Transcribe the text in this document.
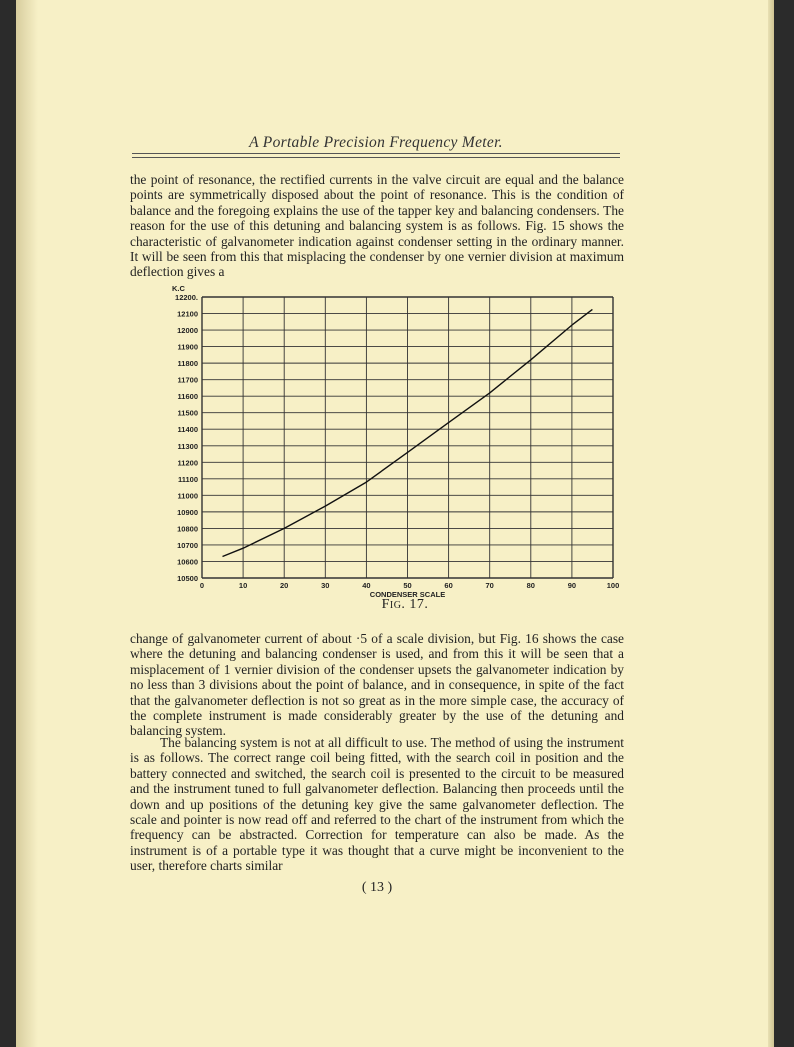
A Portable Precision Frequency Meter.

the point of resonance, the rectified currents in the valve circuit are equal and the balance points are symmetrically disposed about the point of resonance. This is the condition of balance and the foregoing explains the use of the tapper key and balancing condensers. The reason for the use of this detuning and balancing system is as follows. Fig. 15 shows the characteristic of galvanometer indication against condenser setting in the ordinary manner. It will be seen from this that misplacing the condenser by one vernier division at maximum deflection gives a

10500
10600
10700
10800
10900
11000
11100
11200
11300
11400
11500
11600
11700
11800
11900
12000
12100
12200.
0	10	20	30	40	50	60	70	80	90	100
K.C
CONDENSER SCALE
Fig. 17.

change of galvanometer current of about ·5 of a scale division, but Fig. 16 shows the case where the detuning and balancing condenser is used, and from this it will be seen that a misplacement of 1 vernier division of the condenser upsets the galvanometer indication by no less than 3 divisions about the point of balance, and in consequence, in spite of the fact that the galvanometer deflection is not so great as in the more simple case, the accuracy of the complete instrument is made considerably greater by the use of the detuning and balancing system.

The balancing system is not at all difficult to use. The method of using the instrument is as follows. The correct range coil being fitted, with the search coil in position and the battery connected and switched, the search coil is presented to the circuit to be measured and the instrument tuned to full galvanometer deflection. Balancing then proceeds until the down and up positions of the detuning key give the same galvanometer deflection. The scale and pointer is now read off and referred to the chart of the instrument from which the frequency can be abstracted. Correction for temperature can also be made. As the instrument is of a portable type it was thought that a curve might be inconvenient to the user, therefore charts similar

( 13 )
